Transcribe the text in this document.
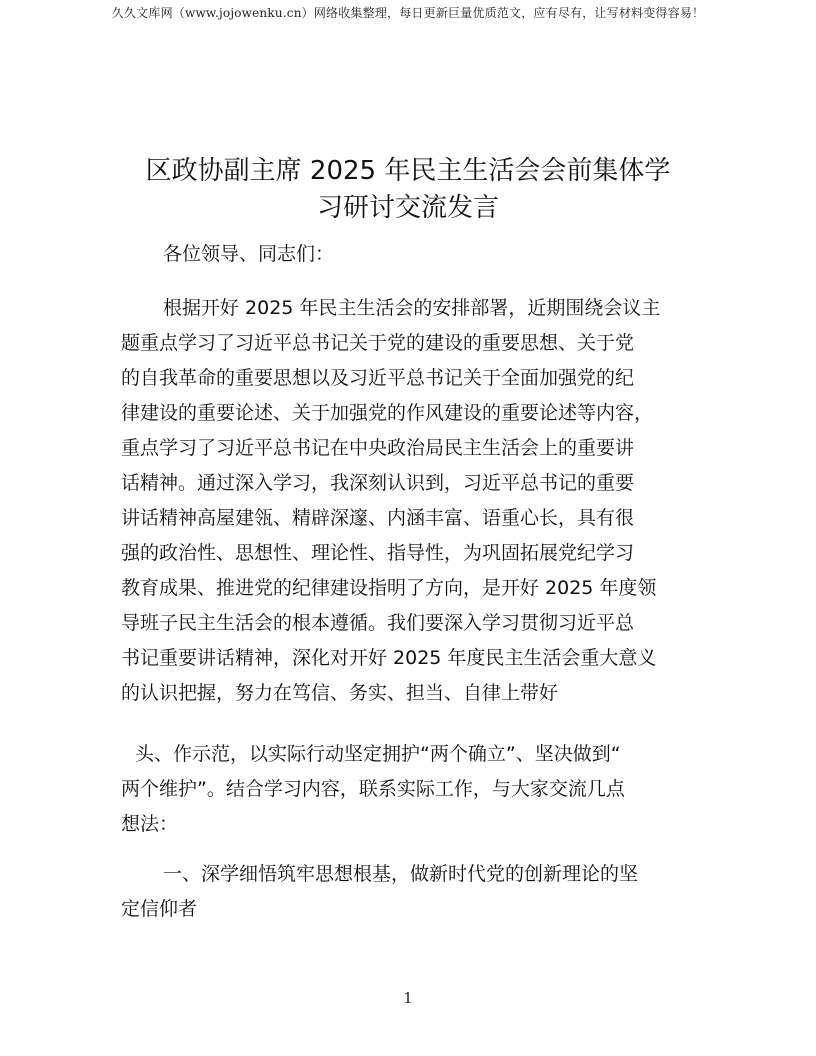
久久文库网（www.jojowenku.cn）网络收集整理，每日更新巨量优质范文，应有尽有，让写材料变得容易！
区政协副主席 2025 年民主生活会会前集体学
习研讨交流发言
各位领导、同志们：
根据开好 2025 年民主生活会的安排部署，近期围绕会议主
题重点学习了习近平总书记关于党的建设的重要思想、关于党
的自我革命的重要思想以及习近平总书记关于全面加强党的纪
律建设的重要论述、关于加强党的作风建设的重要论述等内容，
重点学习了习近平总书记在中央政治局民主生活会上的重要讲
话精神。通过深入学习，我深刻认识到，习近平总书记的重要
讲话精神高屋建瓴、精辟深邃、内涵丰富、语重心长，具有很
强的政治性、思想性、理论性、指导性，为巩固拓展党纪学习
教育成果、推进党的纪律建设指明了方向，是开好 2025 年度领
导班子民主生活会的根本遵循。我们要深入学习贯彻习近平总
书记重要讲话精神，深化对开好 2025 年度民主生活会重大意义
的认识把握，努力在笃信、务实、担当、自律上带好
头、作示范，以实际行动坚定拥护“两个确立”、坚决做到“
两个维护”。结合学习内容，联系实际工作，与大家交流几点
想法：
一、深学细悟筑牢思想根基，做新时代党的创新理论的坚
定信仰者
1
